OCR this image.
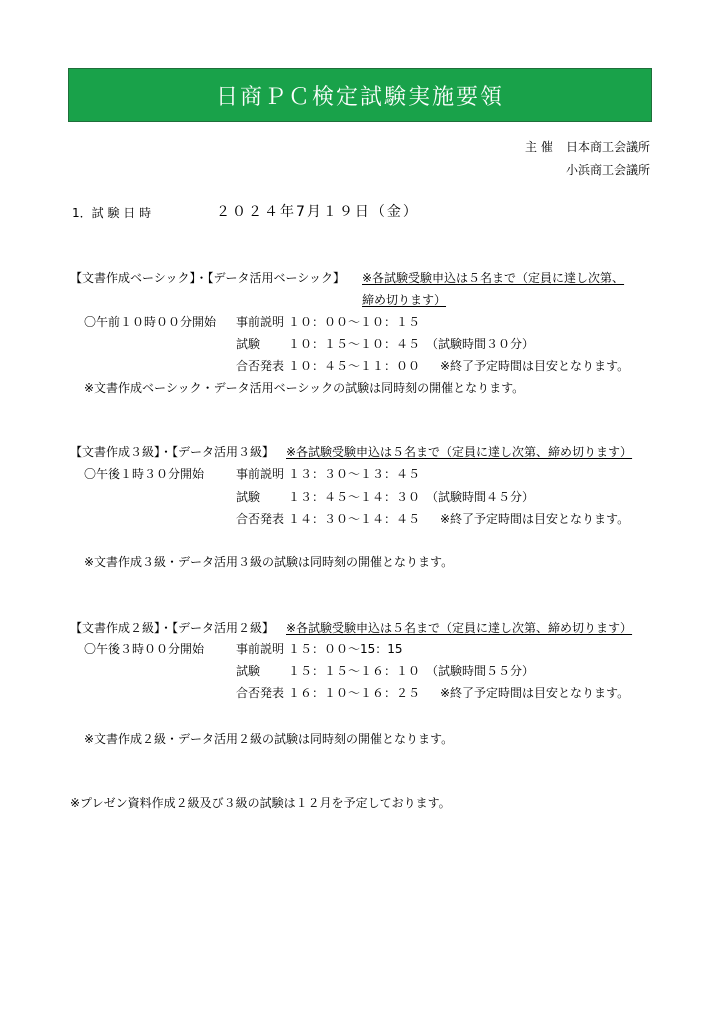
日商ＰＣ検定試験実施要領
主 催 日本商工会議所
小浜商工会議所
1．試 験 日 時	２０２４年7月１９日（金）
【文書作成ベーシック】・【データ活用ベーシック】 ※各試験受験申込は５名まで（定員に達し次第、
締め切ります）
〇午前１０時００分開始 事前説明 １０：００〜１０：１５
試験 １０：１５〜１０：４５ （試験時間３０分）
合否発表 １０：４５〜１１：００ ※終了予定時間は目安となります。
※文書作成ベーシック・データ活用ベーシックの試験は同時刻の開催となります。
【文書作成３級】・【データ活用３級】 ※各試験受験申込は５名まで（定員に達し次第、締め切ります）
〇午後１時３０分開始	事前説明 １３：３０〜１３：４５
試験 １３：４５〜１４：３０ （試験時間４５分）
合否発表 １４：３０〜１４：４５ ※終了予定時間は目安となります。
※文書作成３級・データ活用３級の試験は同時刻の開催となります。
【文書作成２級】・【データ活用２級】 ※各試験受験申込は５名まで（定員に達し次第、締め切ります）
〇午後３時００分開始	事前説明 １５：００〜15：15
試験 １５：１５〜１６：１０ （試験時間５５分）
合否発表 １６：１０〜１６：２５ ※終了予定時間は目安となります。
※文書作成２級・データ活用２級の試験は同時刻の開催となります。
※プレゼン資料作成２級及び３級の試験は１２月を予定しております。
